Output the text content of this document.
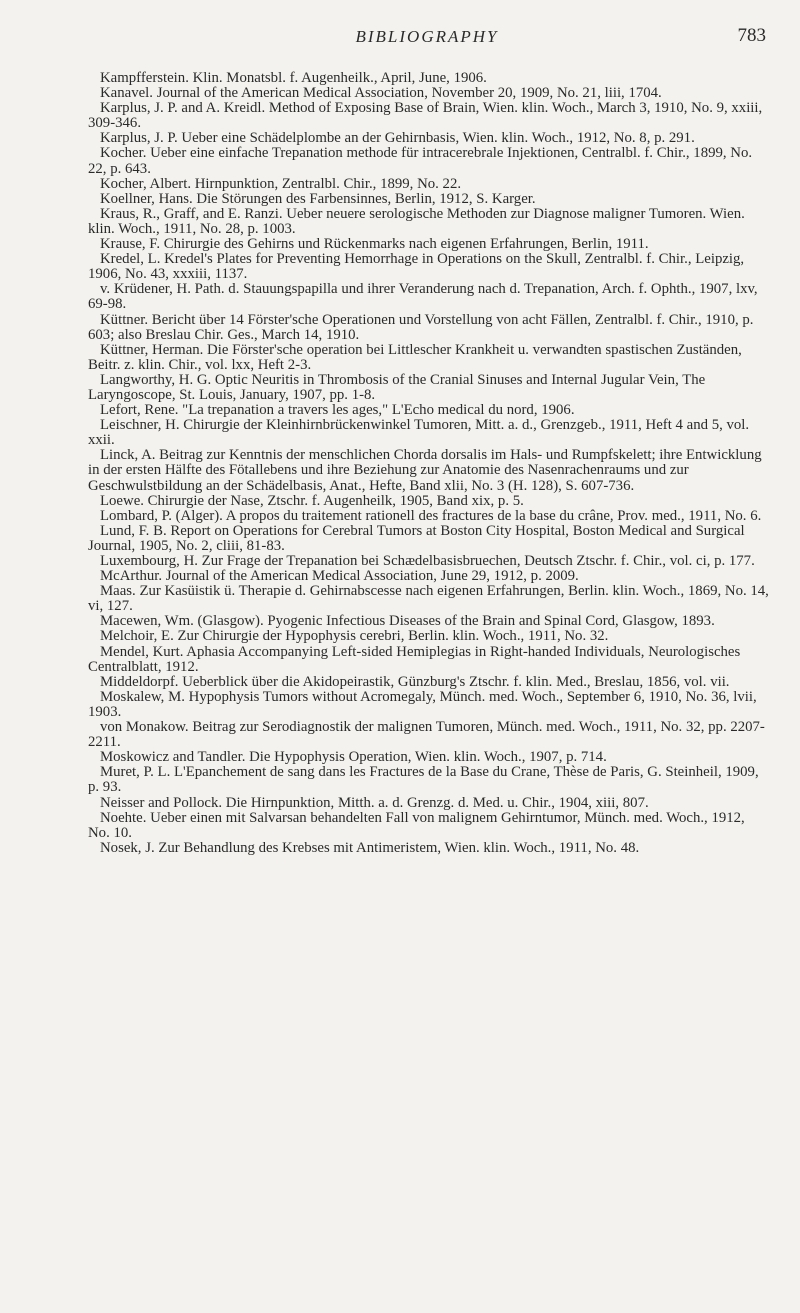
BIBLIOGRAPHY	783

Kampfferstein. Klin. Monatsbl. f. Augenheilk., April, June, 1906.

Kanavel. Journal of the American Medical Association, November 20, 1909, No. 21, liii, 1704.

Karplus, J. P. and A. Kreidl. Method of Exposing Base of Brain, Wien. klin. Woch., March 3, 1910, No. 9, xxiii, 309-346.

Karplus, J. P. Ueber eine Schädelplombe an der Gehirnbasis, Wien. klin. Woch., 1912, No. 8, p. 291.

Kocher. Ueber eine einfache Trepanation methode für intracerebrale Injektionen, Centralbl. f. Chir., 1899, No. 22, p. 643.

Kocher, Albert. Hirnpunktion, Zentralbl. Chir., 1899, No. 22.

Koellner, Hans. Die Störungen des Farbensinnes, Berlin, 1912, S. Karger.

Kraus, R., Graff, and E. Ranzi. Ueber neuere serologische Methoden zur Diagnose maligner Tumoren. Wien. klin. Woch., 1911, No. 28, p. 1003.

Krause, F. Chirurgie des Gehirns und Rückenmarks nach eigenen Erfahrungen, Berlin, 1911.

Kredel, L. Kredel's Plates for Preventing Hemorrhage in Operations on the Skull, Zentralbl. f. Chir., Leipzig, 1906, No. 43, xxxiii, 1137.

v. Krüdener, H. Path. d. Stauungspapilla und ihrer Veranderung nach d. Trepanation, Arch. f. Ophth., 1907, lxv, 69-98.

Küttner. Bericht über 14 Förster'sche Operationen und Vorstellung von acht Fällen, Zentralbl. f. Chir., 1910, p. 603; also Breslau Chir. Ges., March 14, 1910.

Küttner, Herman. Die Förster'sche operation bei Littlescher Krankheit u. verwandten spastischen Zuständen, Beitr. z. klin. Chir., vol. lxx, Heft 2-3.

Langworthy, H. G. Optic Neuritis in Thrombosis of the Cranial Sinuses and Internal Jugular Vein, The Laryngoscope, St. Louis, January, 1907, pp. 1-8.

Lefort, Rene. "La trepanation a travers les ages," L'Echo medical du nord, 1906.

Leischner, H. Chirurgie der Kleinhirnbrückenwinkel Tumoren, Mitt. a. d., Grenzgeb., 1911, Heft 4 and 5, vol. xxii.

Linck, A. Beitrag zur Kenntnis der menschlichen Chorda dorsalis im Hals- und Rumpfskelett; ihre Entwicklung in der ersten Hälfte des Fötallebens und ihre Beziehung zur Anatomie des Nasenrachenraums und zur Geschwulstbildung an der Schädelbasis, Anat., Hefte, Band xlii, No. 3 (H. 128), S. 607-736.

Loewe. Chirurgie der Nase, Ztschr. f. Augenheilk, 1905, Band xix, p. 5.

Lombard, P. (Alger). A propos du traitement rationell des fractures de la base du crâne, Prov. med., 1911, No. 6.

Lund, F. B. Report on Operations for Cerebral Tumors at Boston City Hospital, Boston Medical and Surgical Journal, 1905, No. 2, cliii, 81-83.

Luxembourg, H. Zur Frage der Trepanation bei Schædelbasisbruechen, Deutsch Ztschr. f. Chir., vol. ci, p. 177.

McArthur. Journal of the American Medical Association, June 29, 1912, p. 2009.

Maas. Zur Kasüistik ü. Therapie d. Gehirnabscesse nach eigenen Erfahrungen, Berlin. klin. Woch., 1869, No. 14, vi, 127.

Macewen, Wm. (Glasgow). Pyogenic Infectious Diseases of the Brain and Spinal Cord, Glasgow, 1893.

Melchoir, E. Zur Chirurgie der Hypophysis cerebri, Berlin. klin. Woch., 1911, No. 32.

Mendel, Kurt. Aphasia Accompanying Left-sided Hemiplegias in Right-handed Individuals, Neurologisches Centralblatt, 1912.

Middeldorpf. Ueberblick über die Akidopeirastik, Günzburg's Ztschr. f. klin. Med., Breslau, 1856, vol. vii.

Moskalew, M. Hypophysis Tumors without Acromegaly, Münch. med. Woch., September 6, 1910, No. 36, lvii, 1903.

von Monakow. Beitrag zur Serodiagnostik der malignen Tumoren, Münch. med. Woch., 1911, No. 32, pp. 2207-2211.

Moskowicz and Tandler. Die Hypophysis Operation, Wien. klin. Woch., 1907, p. 714.

Muret, P. L. L'Epanchement de sang dans les Fractures de la Base du Crane, Thèse de Paris, G. Steinheil, 1909, p. 93.

Neisser and Pollock. Die Hirnpunktion, Mitth. a. d. Grenzg. d. Med. u. Chir., 1904, xiii, 807.

Noehte. Ueber einen mit Salvarsan behandelten Fall von malignem Gehirntumor, Münch. med. Woch., 1912, No. 10.

Nosek, J. Zur Behandlung des Krebses mit Antimeristem, Wien. klin. Woch., 1911, No. 48.
